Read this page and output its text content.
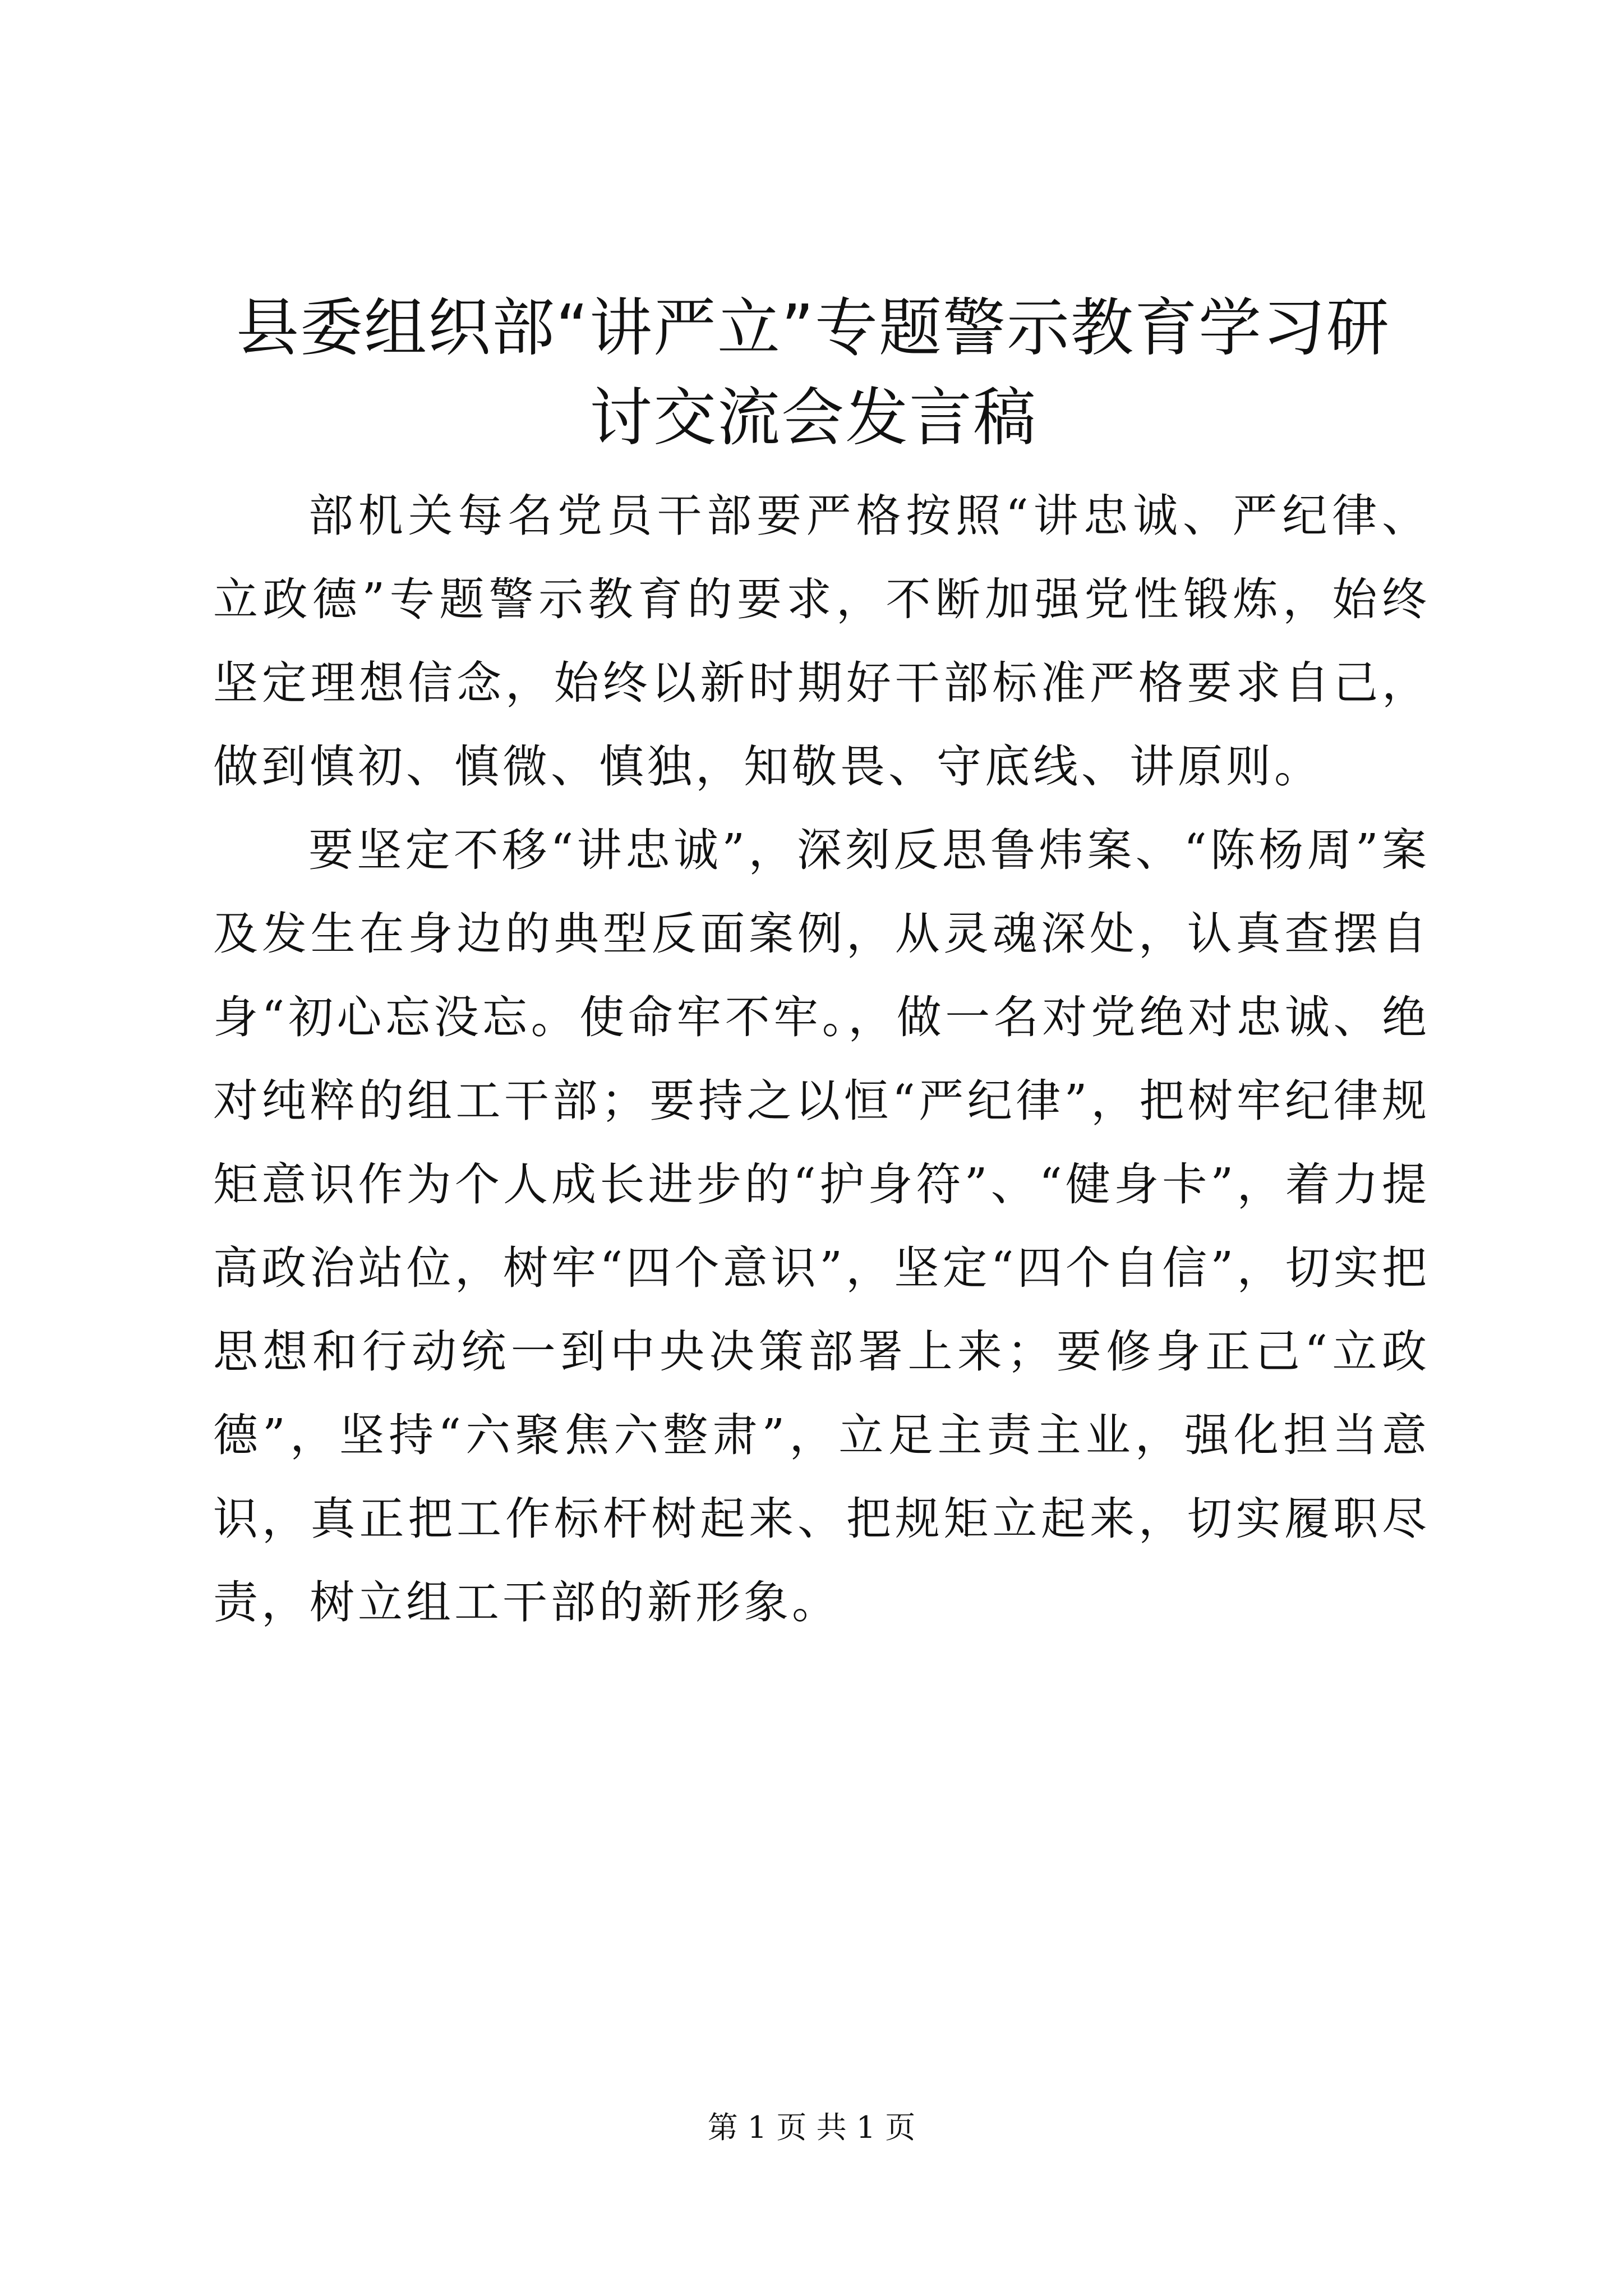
县委组织部“讲严立”专题警示教育学习研讨交流会发言稿

部机关每名党员干部要严格按照“讲忠诚、严纪律、立政德”专题警示教育的要求，不断加强党性锻炼，始终坚定理想信念，始终以新时期好干部标准严格要求自己，做到慎初、慎微、慎独，知敬畏、守底线、讲原则。

要坚定不移“讲忠诚”，深刻反思鲁炜案、“陈杨周”案及发生在身边的典型反面案例，从灵魂深处，认真查摆自身“初心忘没忘。使命牢不牢。，做一名对党绝对忠诚、绝对纯粹的组工干部；要持之以恒“严纪律”，把树牢纪律规矩意识作为个人成长进步的“护身符”、“健身卡”，着力提高政治站位，树牢“四个意识”，坚定“四个自信”，切实把思想和行动统一到中央决策部署上来；要修身正己“立政德”，坚持“六聚焦六整肃”，立足主责主业，强化担当意识，真正把工作标杆树起来、把规矩立起来，切实履职尽责，树立组工干部的新形象。

第 1 页 共 1 页
